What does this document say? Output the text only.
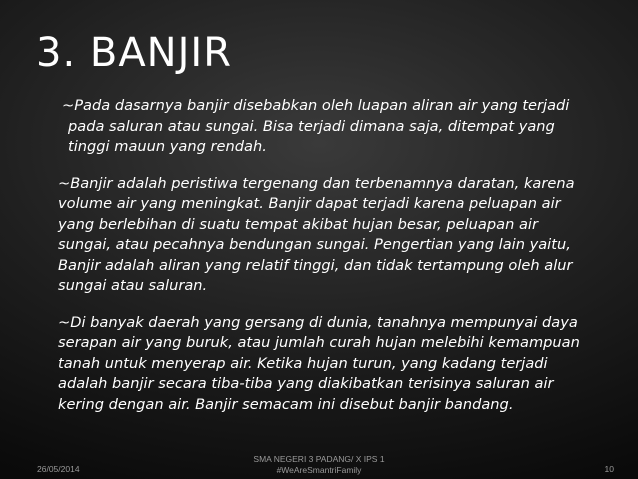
3. BANJIR
~Pada dasarnya banjir disebabkan oleh luapan aliran air yang terjadi
pada saluran atau sungai. Bisa terjadi dimana saja, ditempat yang
tinggi mauun yang rendah.
~Banjir adalah peristiwa tergenang dan terbenamnya daratan, karena
volume air yang meningkat. Banjir dapat terjadi karena peluapan air
yang berlebihan di suatu tempat akibat hujan besar, peluapan air
sungai, atau pecahnya bendungan sungai. Pengertian yang lain yaitu,
Banjir adalah aliran yang relatif tinggi, dan tidak tertampung oleh alur
sungai atau saluran.
~Di banyak daerah yang gersang di dunia, tanahnya mempunyai daya
serapan air yang buruk, atau jumlah curah hujan melebihi kemampuan
tanah untuk menyerap air. Ketika hujan turun, yang kadang terjadi
adalah banjir secara tiba-tiba yang diakibatkan terisinya saluran air
kering dengan air. Banjir semacam ini disebut banjir bandang.
26/05/2014
SMA NEGERI 3 PADANG/ X IPS 1
#WeAreSmantriFamily	10
